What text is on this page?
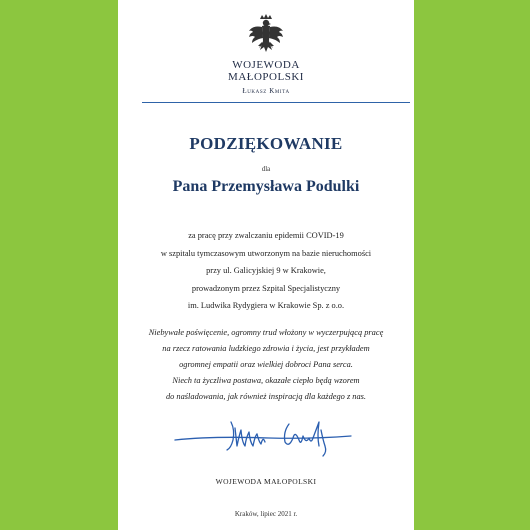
WOJEWODA
MAŁOPOLSKI
Łukasz Kmita
PODZIĘKOWANIE
dla
Pana Przemysława Podulki
za pracę przy zwalczaniu epidemii COVID-19
w szpitalu tymczasowym utworzonym na bazie nieruchomości
przy ul. Galicyjskiej 9 w Krakowie,
prowadzonym przez Szpital Specjalistyczny
im. Ludwika Rydygiera w Krakowie Sp. z o.o.
Niebywałe poświęcenie, ogromny trud włożony w wyczerpującą pracę
na rzecz ratowania ludzkiego zdrowia i życia, jest przykładem
ogromnej empatii oraz wielkiej dobroci Pana serca.
Niech ta życzliwa postawa, okazałe ciepło będą wzorem
do naśladowania, jak również inspiracją dla każdego z nas.
WOJEWODA MAŁOPOLSKI
Kraków, lipiec 2021 r.
